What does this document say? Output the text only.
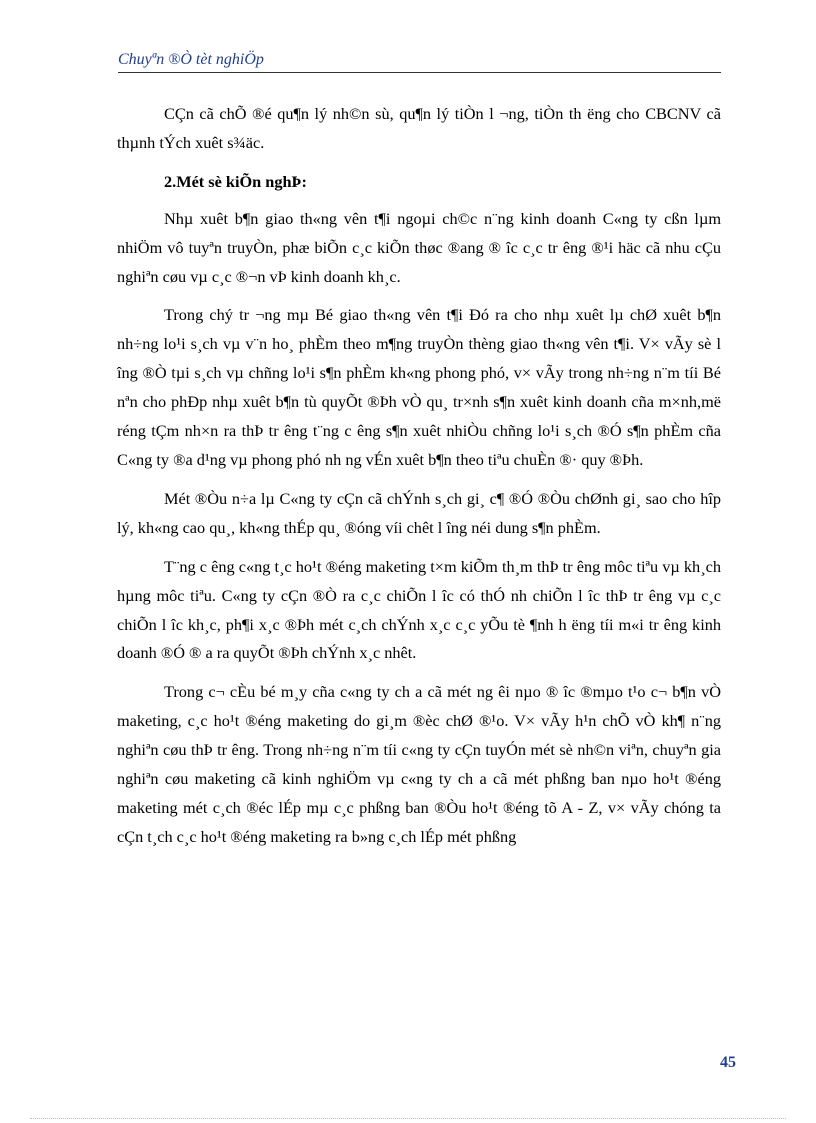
Chuyªn ®Ò tèt nghiÖp

CÇn cã chÕ ®é qu¶n lý nh©n sù, qu¶n lý tiÒn l ¬ng, tiÒn th ëng cho CBCNV cã thµnh tÝch xuêt s¾äc.

2.Mét sè kiÕn nghÞ:

Nhµ xuêt b¶n giao th«ng vên t¶i ngoµi ch©c n¨ng kinh doanh C«ng ty cßn lµm nhiÖm vô tuyªn truyÒn, phæ biÕn c¸c kiÕn thøc ®ang ® îc c¸c tr êng ®¹i häc cã nhu cÇu nghiªn cøu vµ c¸c ®¬n vÞ kinh doanh kh¸c.

Trong chý tr ¬ng mµ Bé giao th«ng vên t¶i Ðó ra cho nhµ xuêt lµ chØ xuêt b¶n nh÷ng lo¹i s¸ch vµ v¨n ho¸ phÈm theo m¶ng truyÒn thèng giao th«ng vên t¶i. V× vÃy sè l îng ®Ò tµi s¸ch vµ chñng lo¹i s¶n phÈm kh«ng phong phó, v× vÃy trong nh÷ng n¨m tíi Bé nªn cho phÐp nhµ xuêt b¶n tù quyÕt ®Þh vÒ qu¸ tr×nh s¶n xuêt kinh doanh cña m×nh,më réng tÇm nh×n ra thÞ tr êng t¨ng c êng s¶n xuêt nhiÒu chñng lo¹i s¸ch ®Ó s¶n phÈm cña C«ng ty ®a d¹ng vµ phong phó nh ng vÉn xuêt b¶n theo tiªu chuÈn ®· quy ®Þh.

Mét ®Òu n÷a lµ C«ng ty cÇn cã chÝnh s¸ch gi¸ c¶ ®Ó ®Òu chØnh gi¸ sao cho hîp lý, kh«ng cao qu¸, kh«ng thÉp qu¸ ®óng víi chêt l îng néi dung s¶n phÈm.

T¨ng c êng c«ng t¸c ho¹t ®éng maketing t×m kiÕm th¸m thÞ tr êng môc tiªu vµ kh¸ch hµng môc tiªu. C«ng ty cÇn ®Ò ra c¸c chiÕn l îc có thÓ nh chiÕn l îc thÞ tr êng vµ c¸c chiÕn l îc kh¸c, ph¶i x¸c ®Þh mét c¸ch chÝnh x¸c c¸c yÕu tè ¶nh h ëng tíi m«i tr êng kinh doanh ®Ó ® a ra quyÕt ®Þh chÝnh x¸c nhêt.

Trong c¬ cÈu bé m¸y cña c«ng ty ch a cã mét ng êi nµo ® îc ®mµo t¹o c¬ b¶n vÒ maketing, c¸c ho¹t ®éng maketing do gi¸m ®èc chØ ®¹o. V× vÃy h¹n chÕ vÒ kh¶ n¨ng nghiªn cøu thÞ tr êng. Trong nh÷ng n¨m tíi c«ng ty cÇn tuyÓn mét sè nh©n viªn, chuyªn gia nghiªn cøu maketing cã kinh nghiÖm vµ c«ng ty ch a cã mét phßng ban nµo ho¹t ®éng maketing mét c¸ch ®éc lÉp mµ c¸c phßng ban ®Òu ho¹t ®éng tõ A - Z, v× vÃy chóng ta cÇn t¸ch c¸c ho¹t ®éng maketing ra b»ng c¸ch lÉp mét phßng

45
